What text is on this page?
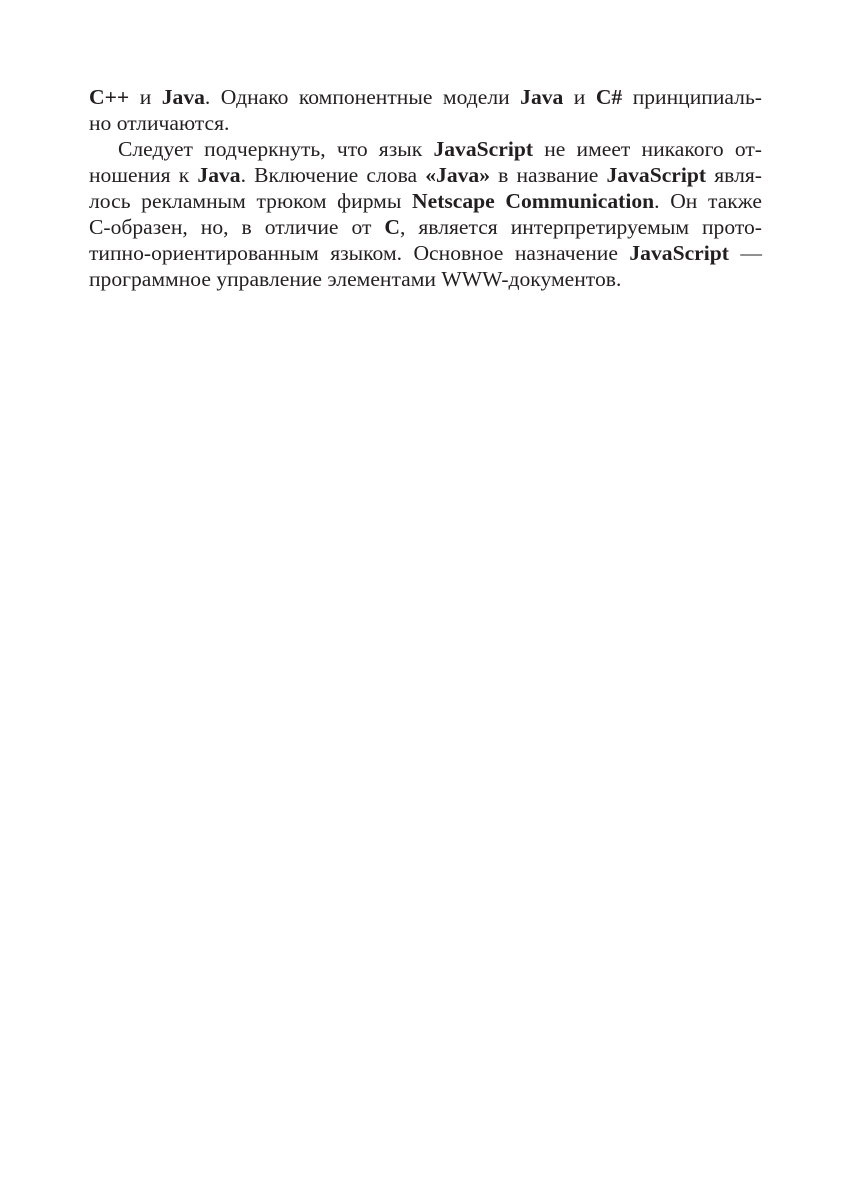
C++ и Java. Однако компонентные модели Java и C# принципиаль-
но отличаются.
Следует подчеркнуть, что язык JavaScript не имеет никакого от-
ношения к Java. Включение слова «Java» в название JavaScript явля-
лось рекламным трюком фирмы Netscape Communication. Он также
С-образен, но, в отличие от С, является интерпретируемым прото-
типно-ориентированным языком. Основное назначение JavaScript —
программное управление элементами WWW-документов.
